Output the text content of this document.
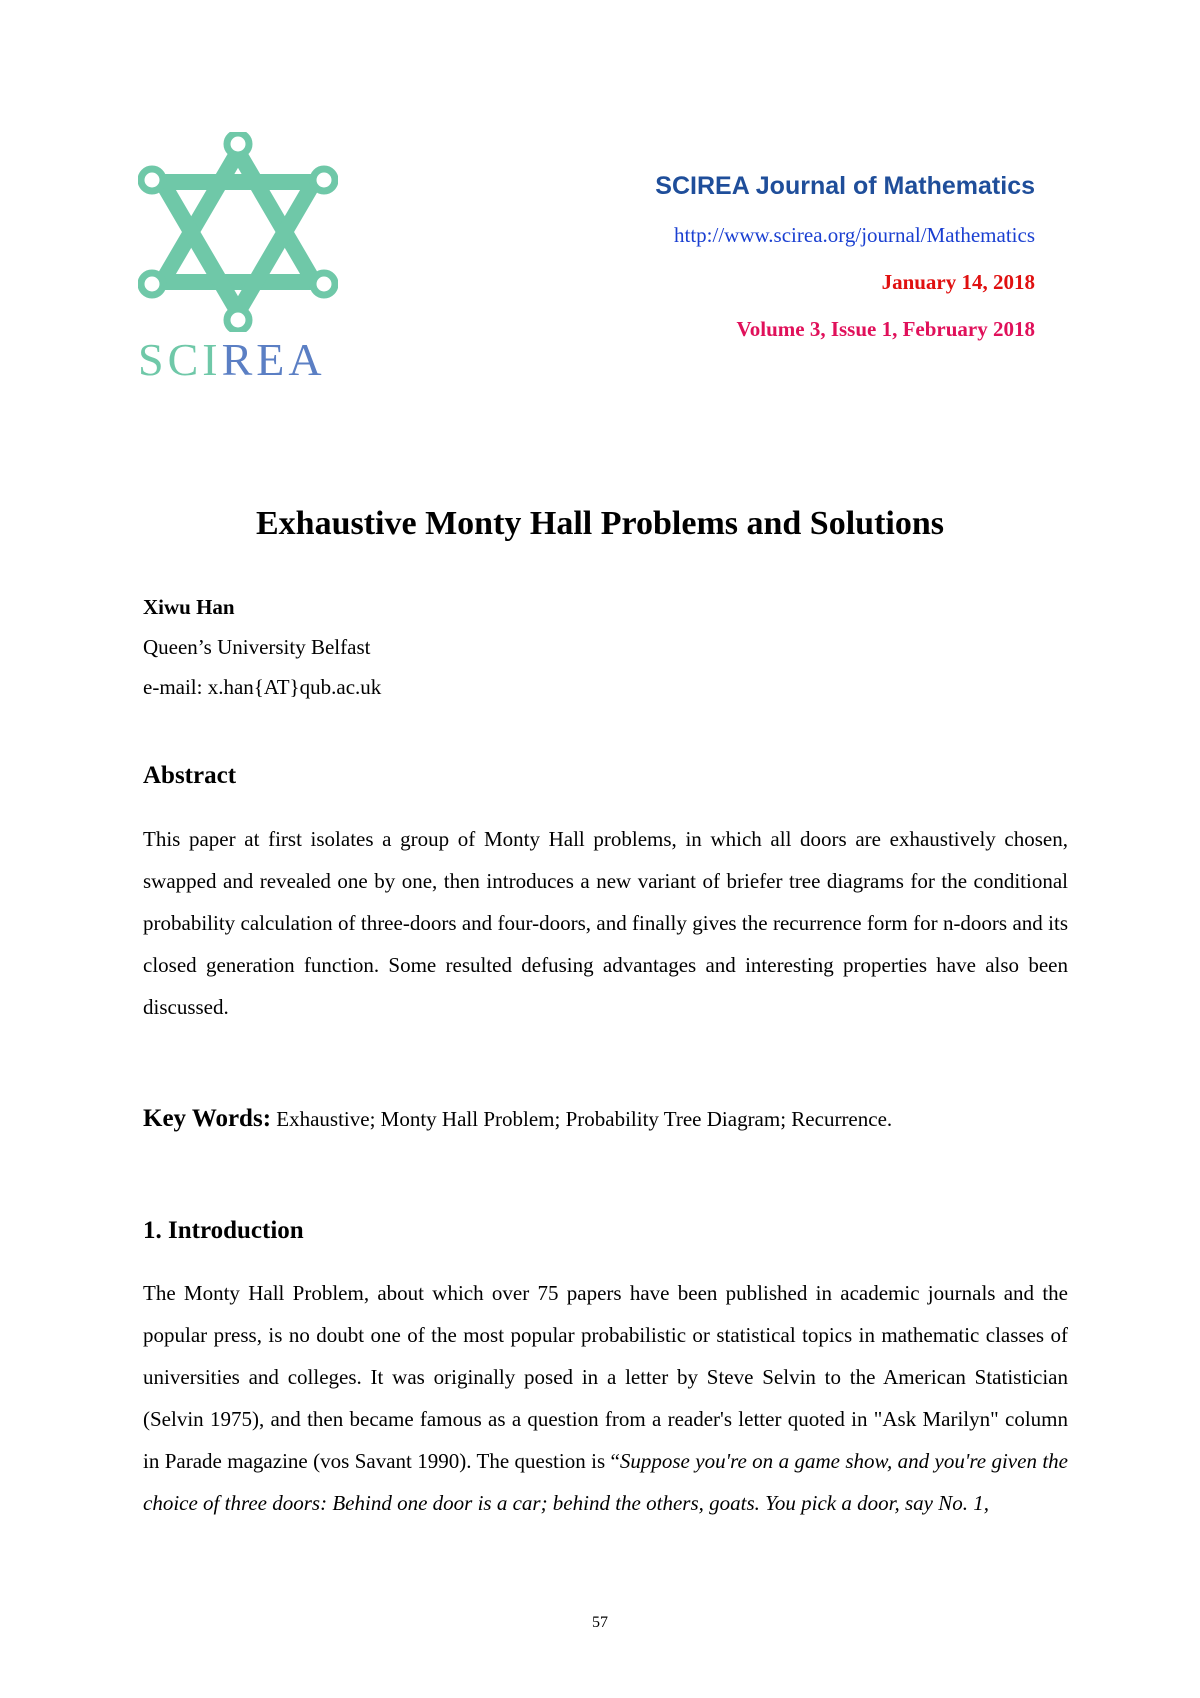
SCIREA

SCIREA Journal of Mathematics

http://www.scirea.org/journal/Mathematics

January 14, 2018

Volume 3, Issue 1, February 2018

Exhaustive Monty Hall Problems and Solutions
Xiwu Han
Queen’s University Belfast
e-mail: x.han{AT}qub.ac.uk
Abstract

This paper at first isolates a group of Monty Hall problems, in which all doors are exhaustively chosen, swapped and revealed one by one, then introduces a new variant of briefer tree diagrams for the conditional probability calculation of three-doors and four-doors, and finally gives the recurrence form for n-doors and its closed generation function. Some resulted defusing advantages and interesting properties have also been discussed.

Key Words: Exhaustive; Monty Hall Problem; Probability Tree Diagram; Recurrence.

1. Introduction

The Monty Hall Problem, about which over 75 papers have been published in academic journals and the popular press, is no doubt one of the most popular probabilistic or statistical topics in mathematic classes of universities and colleges. It was originally posed in a letter by Steve Selvin to the American Statistician (Selvin 1975), and then became famous as a question from a reader's letter quoted in "Ask Marilyn" column in Parade magazine (vos Savant 1990). The question is “Suppose you're on a game show, and you're given the choice of three doors: Behind one door is a car; behind the others, goats. You pick a door, say No. 1,

57
